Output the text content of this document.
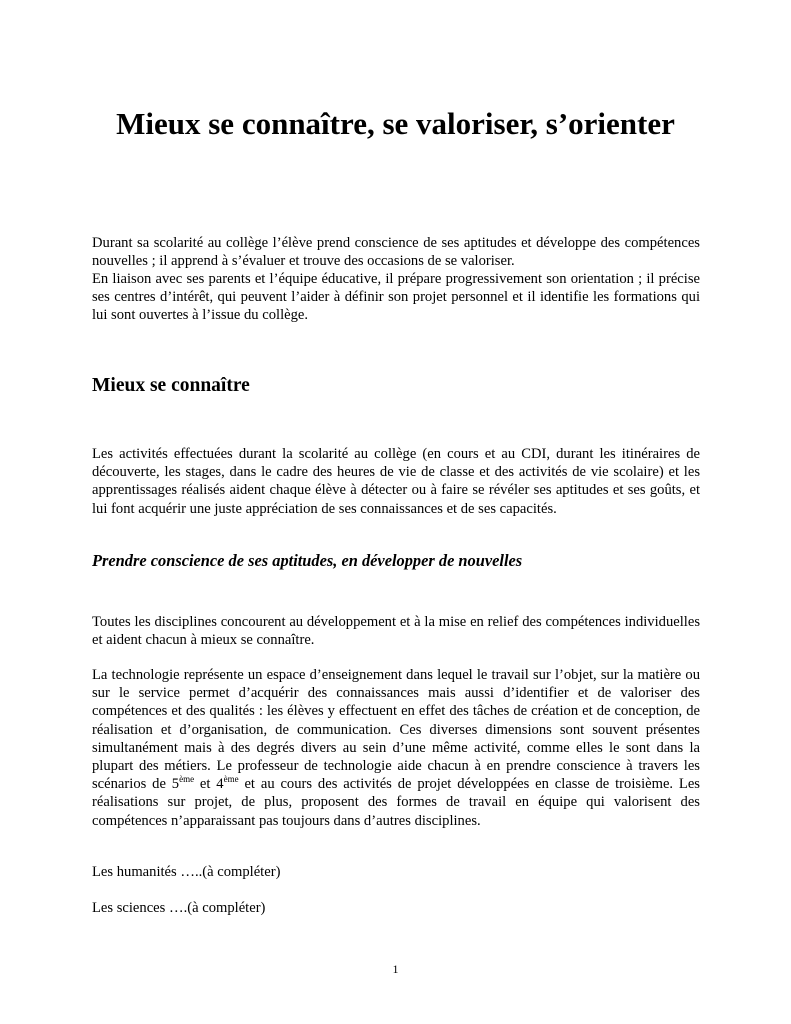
Mieux se connaître, se valoriser, s’orienter

Durant sa scolarité au collège l’élève prend conscience de ses aptitudes et développe des compétences nouvelles ; il apprend à s’évaluer et trouve des occasions de se valoriser.

En liaison avec ses parents et l’équipe éducative, il prépare progressivement son orientation ; il précise ses centres d’intérêt, qui peuvent l’aider à définir son projet personnel et il identifie les formations qui lui sont ouvertes à l’issue du collège.

Mieux se connaître

Les activités effectuées durant la scolarité au collège (en cours et au CDI, durant les itinéraires de découverte, les stages, dans le cadre des heures de vie de classe et des activités de vie scolaire) et les apprentissages réalisés aident chaque élève à détecter ou à faire se révéler ses aptitudes et ses goûts, et lui font acquérir une juste appréciation de ses connaissances et de ses capacités.

Prendre conscience de ses aptitudes, en développer de nouvelles

Toutes les disciplines concourent au développement et à la mise en relief des compétences individuelles et aident chacun à mieux se connaître.

La technologie représente un espace d’enseignement dans lequel le travail sur l’objet, sur la matière ou sur le service permet d’acquérir des connaissances mais aussi d’identifier et de valoriser des compétences et des qualités : les élèves y effectuent en effet des tâches de création et de conception, de réalisation et d’organisation, de communication. Ces diverses dimensions sont souvent présentes simultanément mais à des degrés divers au sein d’une même activité, comme elles le sont dans la plupart des métiers. Le professeur de technologie aide chacun à en prendre conscience à travers les scénarios de 5ème et 4ème et au cours des activités de projet développées en classe de troisième. Les réalisations sur projet, de plus, proposent des formes de travail en équipe qui valorisent des compétences n’apparaissant pas toujours dans d’autres disciplines.

Les humanités …..(à compléter)

Les sciences ….(à compléter)

1
